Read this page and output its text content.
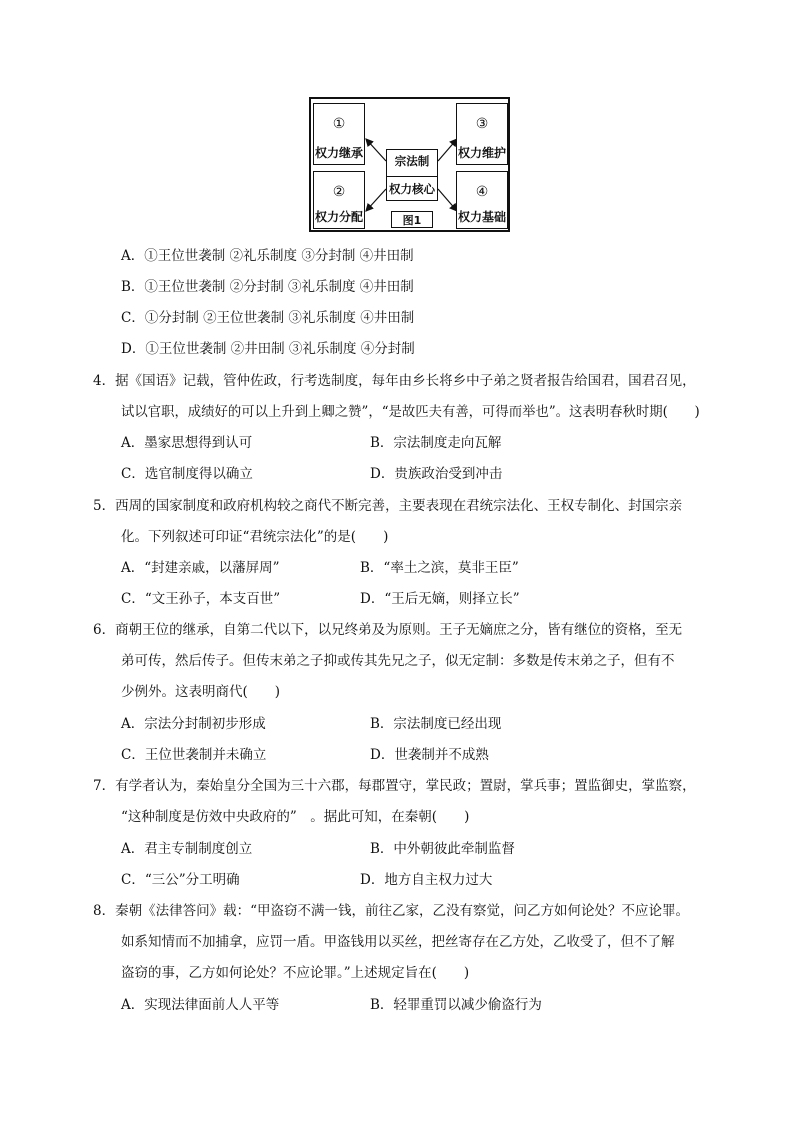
①
权力继承
②
权力分配
③
权力维护
④
权力基础
宗法制
权力核心
图1
A．①王位世袭制 ②礼乐制度 ③分封制 ④井田制
B．①王位世袭制 ②分封制 ③礼乐制度 ④井田制
C．①分封制 ②王位世袭制 ③礼乐制度 ④井田制
D．①王位世袭制 ②井田制 ③礼乐制度 ④分封制
4．据《国语》记载，管仲佐政，行考选制度，每年由乡长将乡中子弟之贤者报告给国君，国君召见，
试以官职，成绩好的可以上升到上卿之赞”，“是故匹夫有善，可得而举也”。这表明春秋时期(　　)
A．墨家思想得到认可	B．宗法制度走向瓦解
C．选官制度得以确立	D．贵族政治受到冲击
5．西周的国家制度和政府机构较之商代不断完善，主要表现在君统宗法化、王权专制化、封国宗亲
化。下列叙述可印证“君统宗法化”的是(　　)
A．“封建亲戚，以藩屏周”	B．“率土之滨，莫非王臣”
C．“文王孙子，本支百世”	D．“王后无嫡，则择立长”
6．商朝王位的继承，自第二代以下，以兄终弟及为原则。王子无嫡庶之分，皆有继位的资格，至无
弟可传，然后传子。但传末弟之子抑或传其先兄之子，似无定制：多数是传末弟之子，但有不
少例外。这表明商代(　　)
A．宗法分封制初步形成	B．宗法制度已经出现
C．王位世袭制并未确立	D．世袭制并不成熟
7．有学者认为，秦始皇分全国为三十六郡，每郡置守，掌民政；置尉，掌兵事；置监御史，掌监察，
“这种制度是仿效中央政府的”　。据此可知，在秦朝(　　)
A．君主专制制度创立	B．中外朝彼此牵制监督
C．“三公”分工明确	D．地方自主权力过大
8．秦朝《法律答问》载：“甲盗窃不满一钱，前往乙家，乙没有察觉，问乙方如何论处？不应论罪。
如系知情而不加捕拿，应罚一盾。甲盗钱用以买丝，把丝寄存在乙方处，乙收受了，但不了解
盗窃的事，乙方如何论处？不应论罪。”上述规定旨在(　　)
A．实现法律面前人人平等	B．轻罪重罚以减少偷盗行为
